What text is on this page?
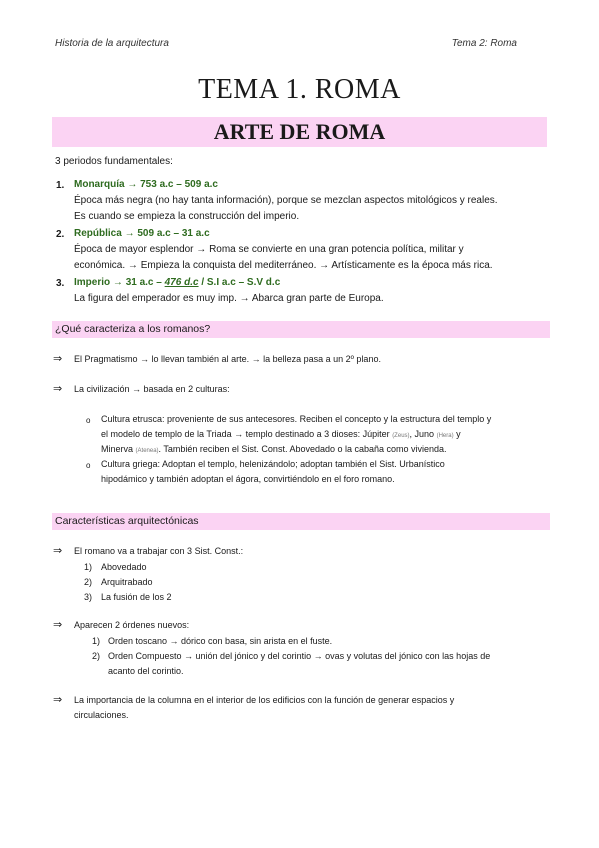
Historia de la arquitectura	Tema 2: Roma
TEMA 1. ROMA
ARTE DE ROMA
3 periodos fundamentales:
1. Monarquía → 753 a.c – 509 a.c
Época más negra (no hay tanta información), porque se mezclan aspectos mitológicos y reales.
Es cuando se empieza la construcción del imperio.
2. República → 509 a.c – 31 a.c
Época de mayor esplendor → Roma se convierte en una gran potencia política, militar y
económica. → Empieza la conquista del mediterráneo. → Artísticamente es la época más rica.
3. Imperio → 31 a.c – 476 d.c / S.I a.c – S.V d.c
La figura del emperador es muy imp. → Abarca gran parte de Europa.
¿Qué caracteriza a los romanos?
⇒ El Pragmatismo → lo llevan también al arte. → la belleza pasa a un 2º plano.
⇒ La civilización → basada en 2 culturas:
o Cultura etrusca: proveniente de sus antecesores. Reciben el concepto y la estructura del templo y
el modelo de templo de la Triada → templo destinado a 3 dioses: Júpiter (Zeus), Juno (Hera) y
Minerva (Atenea). También reciben el Sist. Const. Abovedado o la cabaña como vivienda.
o Cultura griega: Adoptan el templo, helenizándolo; adoptan también el Sist. Urbanístico
hipodámico y también adoptan el ágora, convirtiéndolo en el foro romano.
Características arquitectónicas
⇒ El romano va a trabajar con 3 Sist. Const.:
1) Abovedado
2) Arquitrabado
3) La fusión de los 2
⇒ Aparecen 2 órdenes nuevos:
1) Orden toscano → dórico con basa, sin arista en el fuste.
2) Orden Compuesto → unión del jónico y del corintio → ovas y volutas del jónico con las hojas de
acanto del corintio.
⇒ La importancia de la columna en el interior de los edificios con la función de generar espacios y
circulaciones.
